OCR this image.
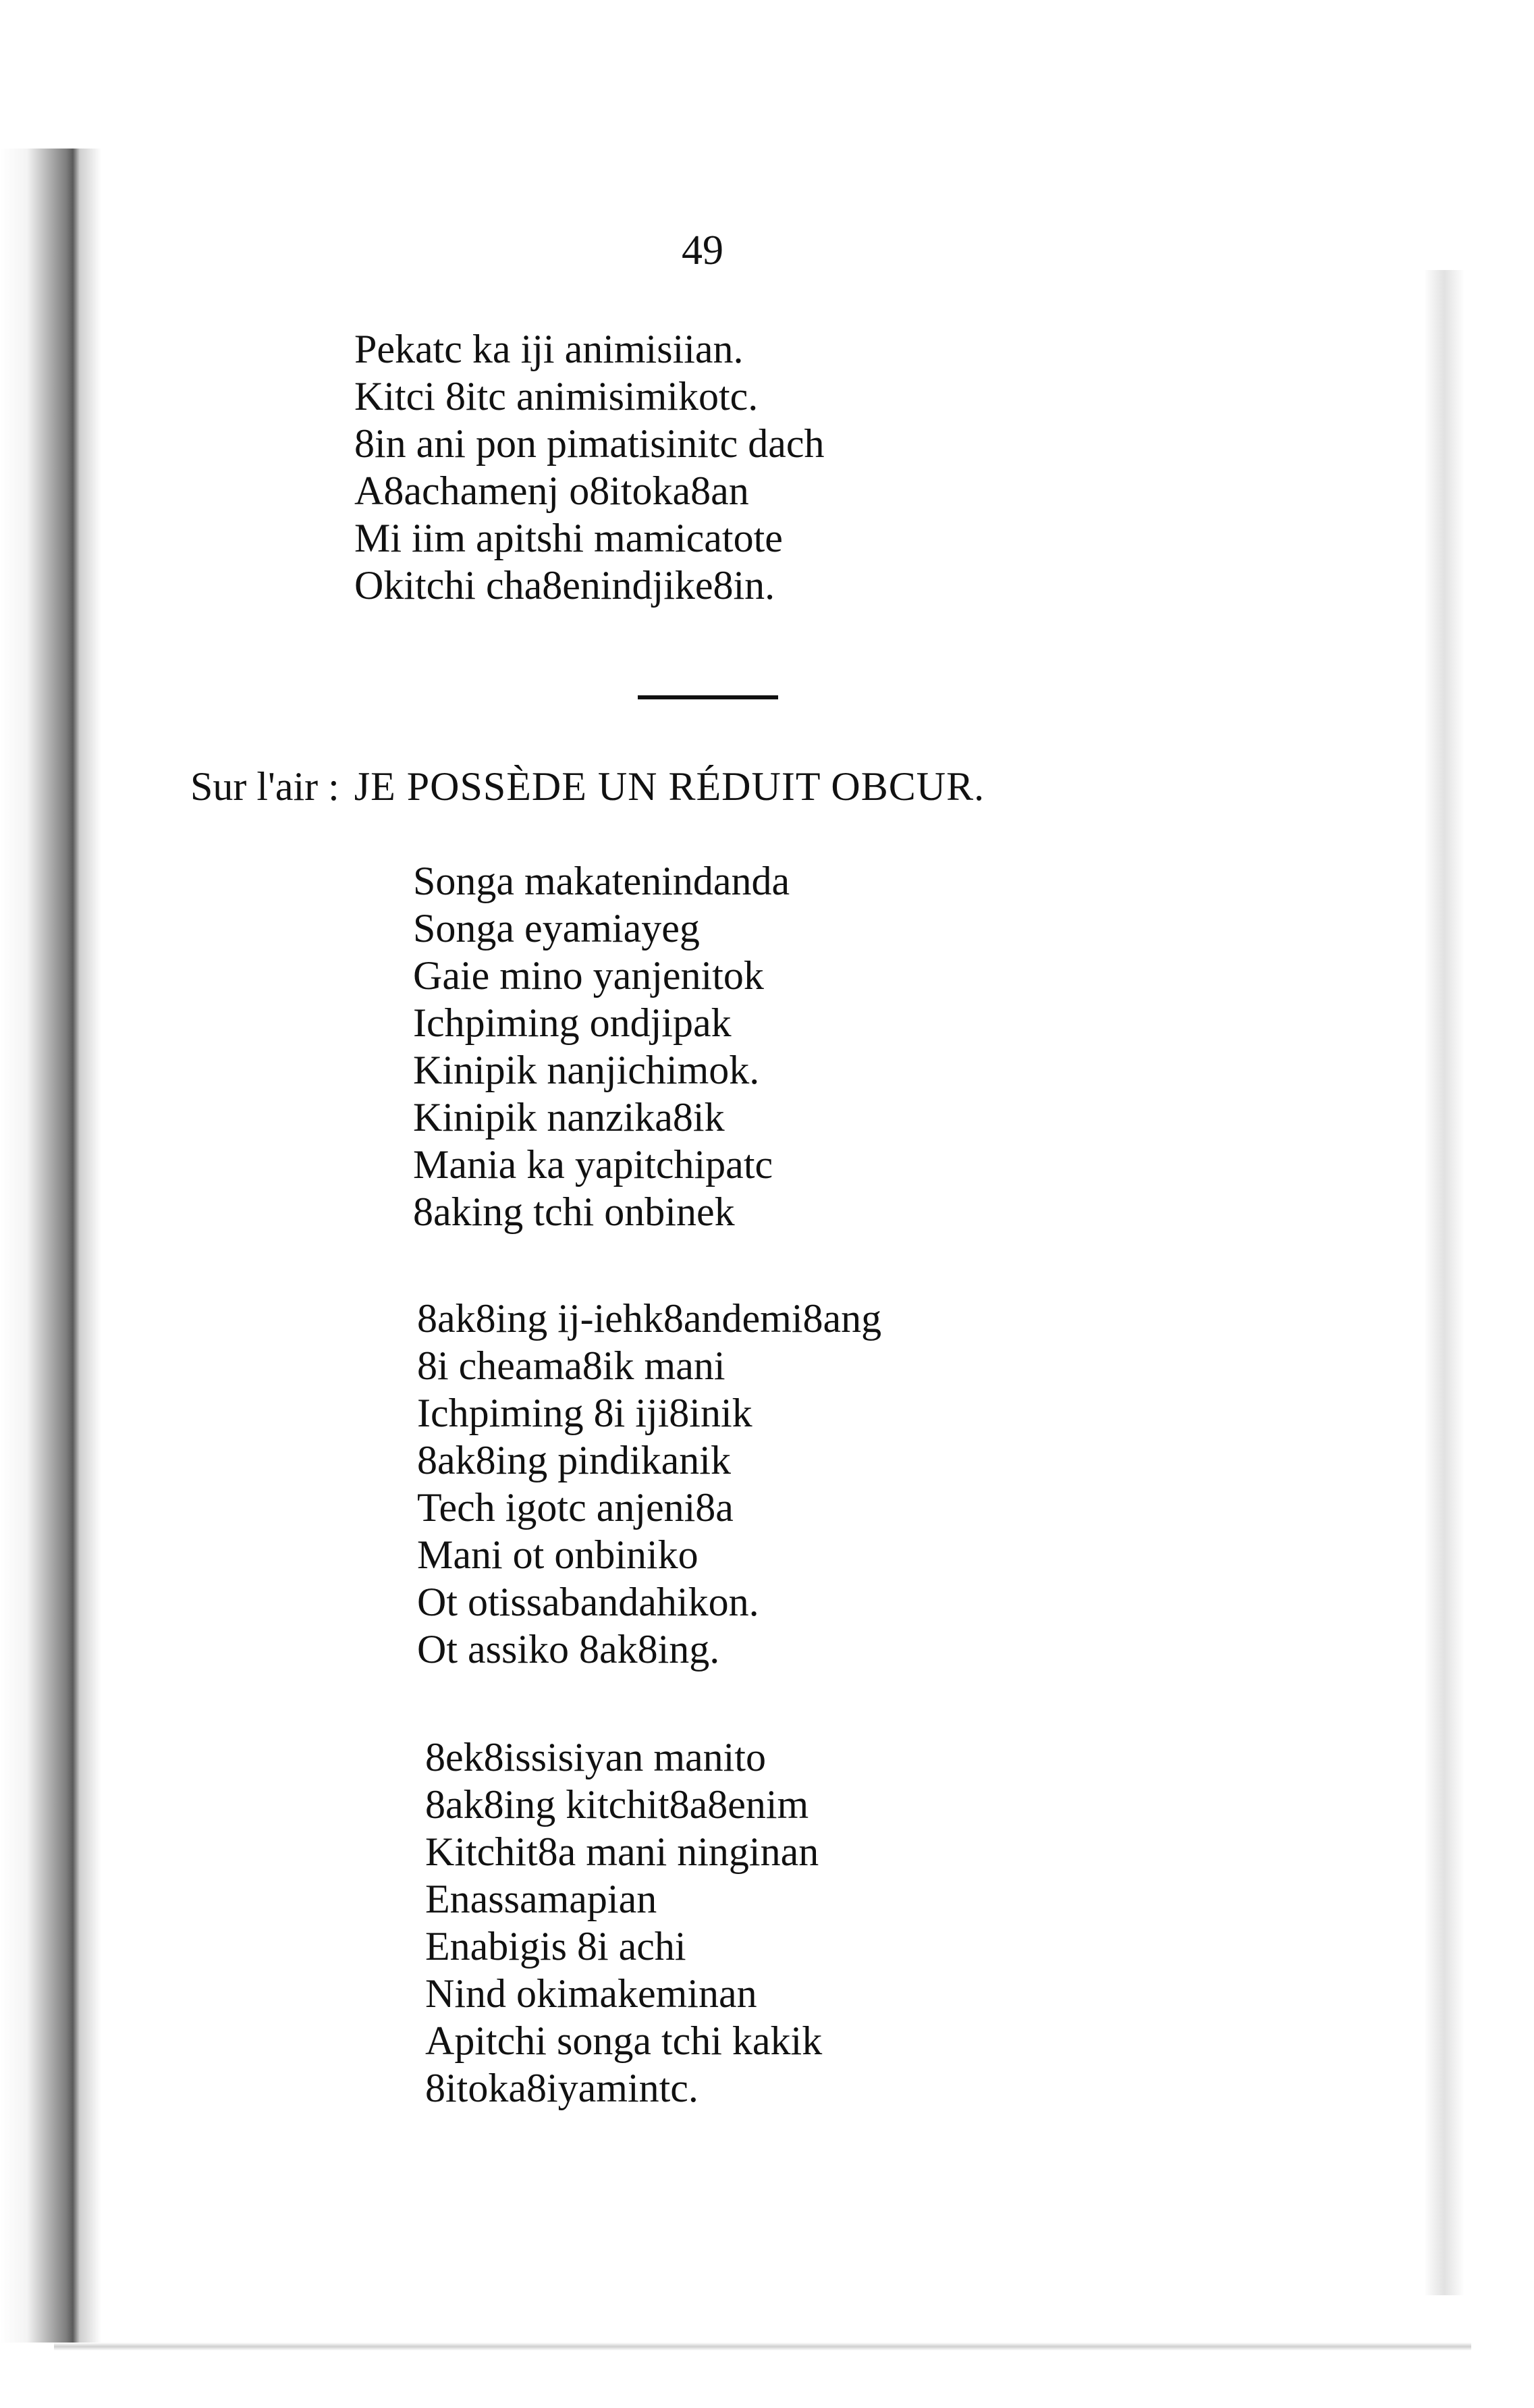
49
Pekatc ka iji animisiian.
Kitci 8itc animisimikotc.
8in ani pon pimatisinitc dach
A8achamenj o8itoka8an
Mi iim apitshi mamicatote
Okitchi cha8enindjike8in.
Sur l'air : JE POSSÈDE UN RÉDUIT OBCUR.
Songa makatenindanda
Songa eyamiayeg
Gaie mino yanjenitok
Ichpiming ondjipak
Kinipik nanjichimok.
Kinipik nanzika8ik
Mania ka yapitchipatc
8aking tchi onbinek
8ak8ing ij-iehk8andemi8ang
8i cheama8ik mani
Ichpiming 8i iji8inik
8ak8ing pindikanik
Tech igotc anjeni8a
Mani ot onbiniko
Ot otissabandahikon.
Ot assiko 8ak8ing.
8ek8issisiyan manito
8ak8ing kitchit8a8enim
Kitchit8a mani ninginan
Enassamapian
Enabigis 8i achi
Nind okimakeminan
Apitchi songa tchi kakik
8itoka8iyamintc.
